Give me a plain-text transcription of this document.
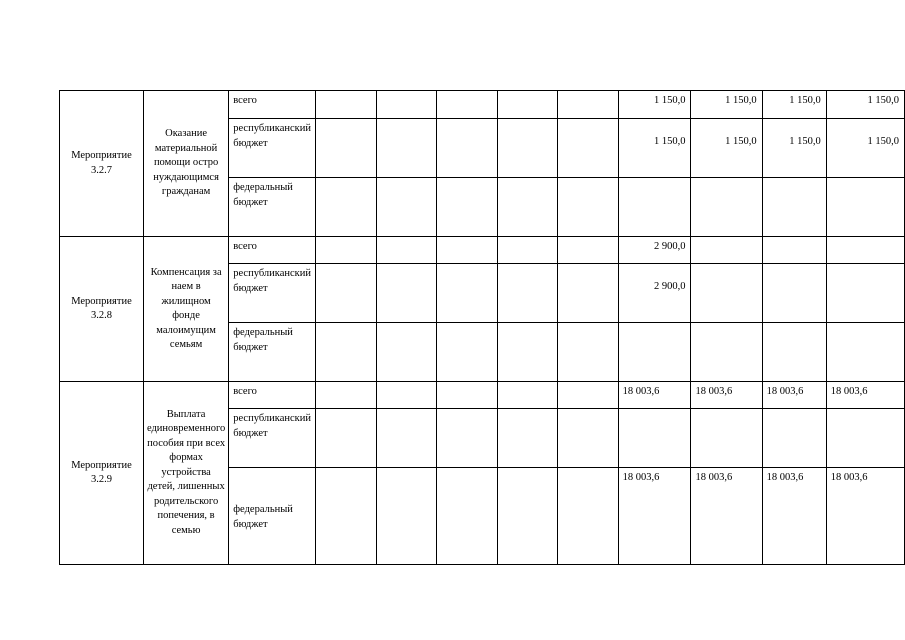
Мероприятие 3.2.7	Оказание материальной помощи остро нуждающимся гражданам	всего						1 150,0	1 150,0	1 150,0	1 150,0
		республиканский бюджет						1 150,0	1 150,0	1 150,0	1 150,0
		федеральный бюджет									
Мероприятие 3.2.8	Компенсация за наем в жилищном фонде малоимущим семьям	всего						2 900,0			
		республиканский бюджет						2 900,0			
		федеральный бюджет									
Мероприятие 3.2.9	Выплата единовременного пособия при всех формах устройства детей, лишенных родительского попечения, в семью	всего						18 003,6	18 003,6	18 003,6	18 003,6
		республиканский бюджет									
		федеральный бюджет						18 003,6	18 003,6	18 003,6	18 003,6
